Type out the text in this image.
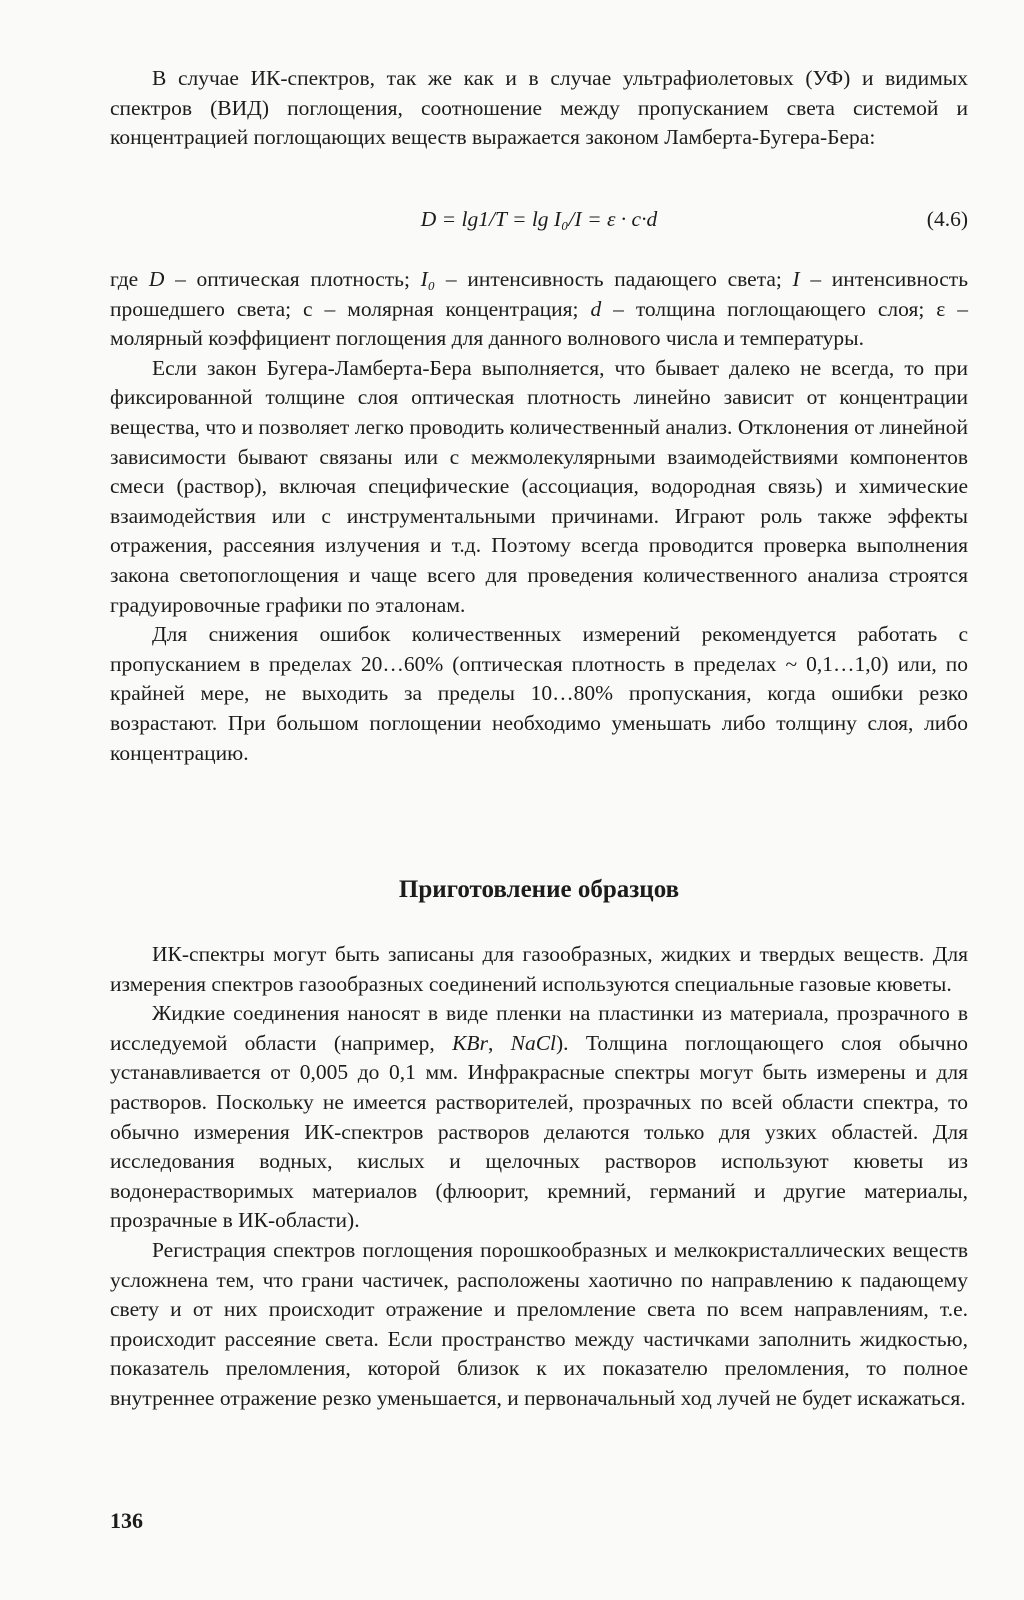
В случае ИК-спектров, так же как и в случае ультрафиолетовых (УФ) и видимых спектров (ВИД) поглощения, соотношение между пропусканием света системой и концентрацией поглощающих веществ выражается законом Ламберта-Бугера-Бера:

D = lg1/T = lg I₀/I = ε · c·d	(4.6)

где D – оптическая плотность; I₀ – интенсивность падающего света; I – интенсивность прошедшего света; c – молярная концентрация; d – толщина поглощающего слоя; ε – молярный коэффициент поглощения для данного волнового числа и температуры.

Если закон Бугера-Ламберта-Бера выполняется, что бывает далеко не всегда, то при фиксированной толщине слоя оптическая плотность линейно зависит от концентрации вещества, что и позволяет легко проводить количественный анализ. Отклонения от линейной зависимости бывают связаны или с межмолекулярными взаимодействиями компонентов смеси (раствор), включая специфические (ассоциация, водородная связь) и химические взаимодействия или с инструментальными причинами. Играют роль также эффекты отражения, рассеяния излучения и т.д. Поэтому всегда проводится проверка выполнения закона светопоглощения и чаще всего для проведения количественного анализа строятся градуировочные графики по эталонам.

Для снижения ошибок количественных измерений рекомендуется работать с пропусканием в пределах 20…60% (оптическая плотность в пределах ~ 0,1…1,0) или, по крайней мере, не выходить за пределы 10…80% пропускания, когда ошибки резко возрастают. При большом поглощении необходимо уменьшать либо толщину слоя, либо концентрацию.

Приготовление образцов

ИК-спектры могут быть записаны для газообразных, жидких и твердых веществ. Для измерения спектров газообразных соединений используются специальные газовые кюветы.

Жидкие соединения наносят в виде пленки на пластинки из материала, прозрачного в исследуемой области (например, KBr, NaCl). Толщина поглощающего слоя обычно устанавливается от 0,005 до 0,1 мм. Инфракрасные спектры могут быть измерены и для растворов. Поскольку не имеется растворителей, прозрачных по всей области спектра, то обычно измерения ИК-спектров растворов делаются только для узких областей. Для исследования водных, кислых и щелочных растворов используют кюветы из водонерастворимых материалов (флюорит, кремний, германий и другие материалы, прозрачные в ИК-области).

Регистрация спектров поглощения порошкообразных и мелкокристаллических веществ усложнена тем, что грани частичек, расположены хаотично по направлению к падающему свету и от них происходит отражение и преломление света по всем направлениям, т.е. происходит рассеяние света. Если пространство между частичками заполнить жидкостью, показатель преломления, которой близок к их показателю преломления, то полное внутреннее отражение резко уменьшается, и первоначальный ход лучей не будет искажаться.

136
